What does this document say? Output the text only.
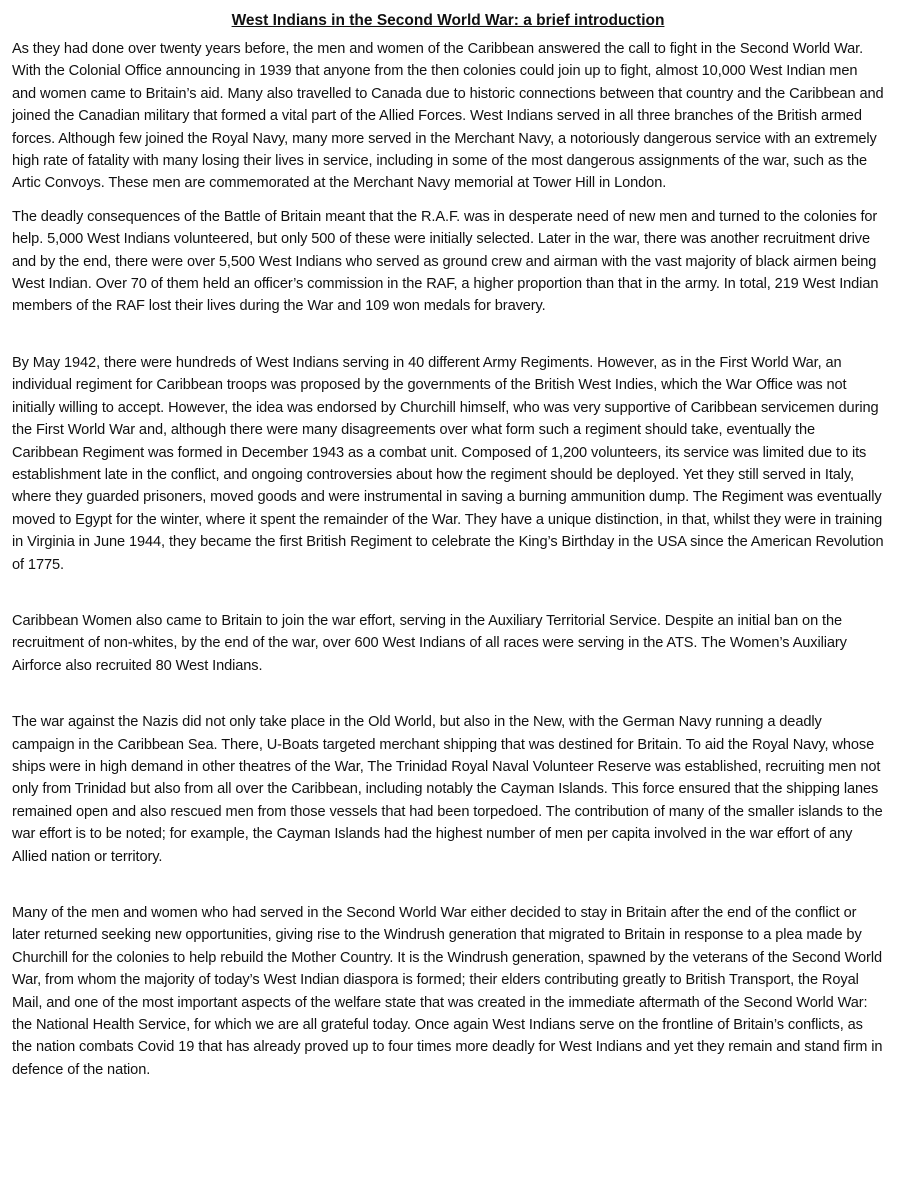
West Indians in the Second World War: a brief introduction

As they had done over twenty years before, the men and women of the Caribbean answered the call to fight in the Second World War. With the Colonial Office announcing in 1939 that anyone from the then colonies could join up to fight, almost 10,000 West Indian men and women came to Britain’s aid. Many also travelled to Canada due to historic connections between that country and the Caribbean and joined the Canadian military that formed a vital part of the Allied Forces. West Indians served in all three branches of the British armed forces. Although few joined the Royal Navy, many more served in the Merchant Navy, a notoriously dangerous service with an extremely high rate of fatality with many losing their lives in service, including in some of the most dangerous assignments of the war, such as the Artic Convoys. These men are commemorated at the Merchant Navy memorial at Tower Hill in London.

The deadly consequences of the Battle of Britain meant that the R.A.F. was in desperate need of new men and turned to the colonies for help. 5,000 West Indians volunteered, but only 500 of these were initially selected. Later in the war, there was another recruitment drive and by the end, there were over 5,500 West Indians who served as ground crew and airman with the vast majority of black airmen being West Indian. Over 70 of them held an officer’s commission in the RAF, a higher proportion than that in the army. In total, 219 West Indian members of the RAF lost their lives during the War and 109 won medals for bravery.

By May 1942, there were hundreds of West Indians serving in 40 different Army Regiments. However, as in the First World War, an individual regiment for Caribbean troops was proposed by the governments of the British West Indies, which the War Office was not initially willing to accept. However, the idea was endorsed by Churchill himself, who was very supportive of Caribbean servicemen during the First World War and, although there were many disagreements over what form such a regiment should take, eventually the Caribbean Regiment was formed in December 1943 as a combat unit. Composed of 1,200 volunteers, its service was limited due to its establishment late in the conflict, and ongoing controversies about how the regiment should be deployed. Yet they still served in Italy, where they guarded prisoners, moved goods and were instrumental in saving a burning ammunition dump. The Regiment was eventually moved to Egypt for the winter, where it spent the remainder of the War. They have a unique distinction, in that, whilst they were in training in Virginia in June 1944, they became the first British Regiment to celebrate the King’s Birthday in the USA since the American Revolution of 1775.

Caribbean Women also came to Britain to join the war effort, serving in the Auxiliary Territorial Service. Despite an initial ban on the recruitment of non-whites, by the end of the war, over 600 West Indians of all races were serving in the ATS. The Women’s Auxiliary Airforce also recruited 80 West Indians.

The war against the Nazis did not only take place in the Old World, but also in the New, with the German Navy running a deadly campaign in the Caribbean Sea. There, U-Boats targeted merchant shipping that was destined for Britain. To aid the Royal Navy, whose ships were in high demand in other theatres of the War, The Trinidad Royal Naval Volunteer Reserve was established, recruiting men not only from Trinidad but also from all over the Caribbean, including notably the Cayman Islands. This force ensured that the shipping lanes remained open and also rescued men from those vessels that had been torpedoed. The contribution of many of the smaller islands to the war effort is to be noted; for example, the Cayman Islands had the highest number of men per capita involved in the war effort of any Allied nation or territory.

Many of the men and women who had served in the Second World War either decided to stay in Britain after the end of the conflict or later returned seeking new opportunities, giving rise to the Windrush generation that migrated to Britain in response to a plea made by Churchill for the colonies to help rebuild the Mother Country. It is the Windrush generation, spawned by the veterans of the Second World War, from whom the majority of today’s West Indian diaspora is formed; their elders contributing greatly to British Transport, the Royal Mail, and one of the most important aspects of the welfare state that was created in the immediate aftermath of the Second World War: the National Health Service, for which we are all grateful today. Once again West Indians serve on the frontline of Britain’s conflicts, as the nation combats Covid 19 that has already proved up to four times more deadly for West Indians and yet they remain and stand firm in defence of the nation.
